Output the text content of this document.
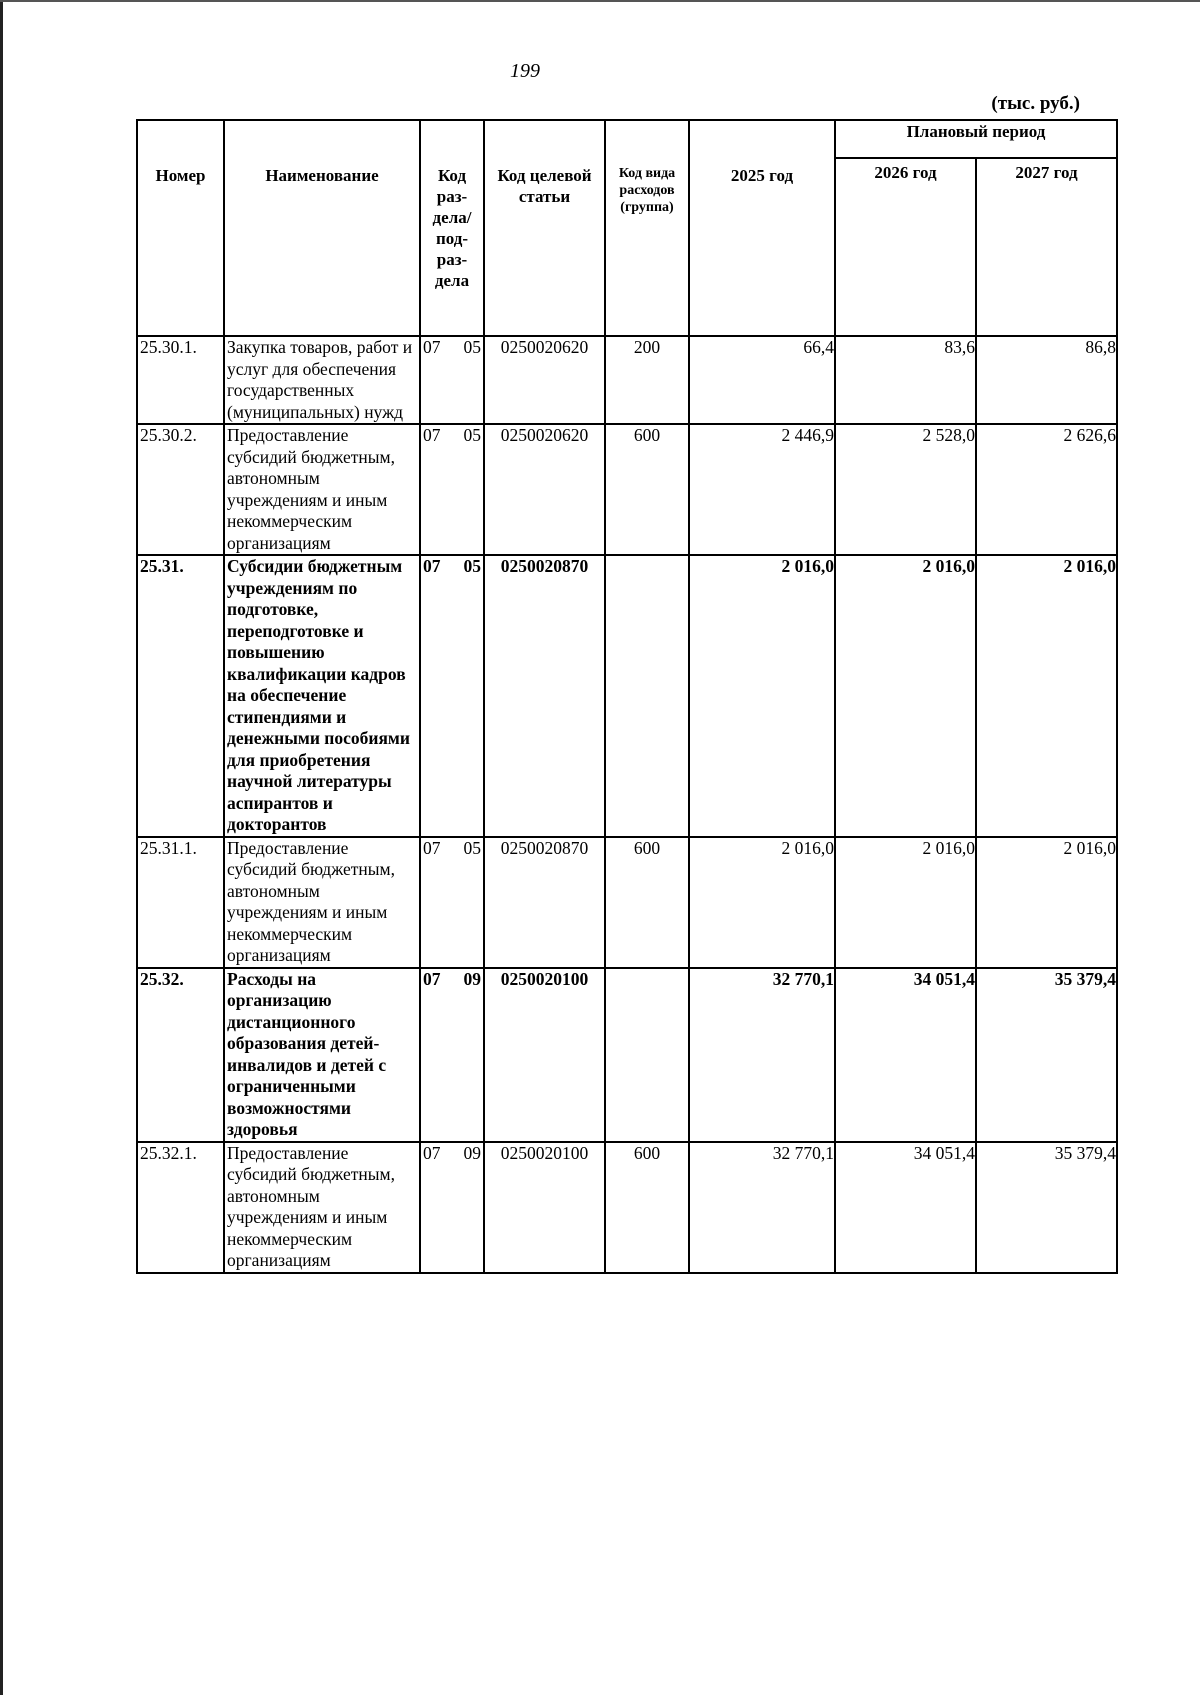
199
(тыс. руб.)
Номер	Наименование	Код раз-дела/ под-раз-дела	Код целевой статьи	Код вида расходов (группа)	2025 год	Плановый период	
						2026 год	2027 год
25.30.1.	Закупка товаров, работ и услуг для обеспечения государственных (муниципальных) нужд	07 05	0250020620	200	66,4	83,6	86,8
25.30.2.	Предоставление субсидий бюджетным, автономным учреждениям и иным некоммерческим организациям	07 05	0250020620	600	2 446,9	2 528,0	2 626,6
25.31.	Субсидии бюджетным учреждениям по подготовке, переподготовке и повышению квалификации кадров на обеспечение стипендиями и денежными пособиями для приобретения научной литературы аспирантов и докторантов	07 05	0250020870		2 016,0	2 016,0	2 016,0
25.31.1.	Предоставление субсидий бюджетным, автономным учреждениям и иным некоммерческим организациям	07 05	0250020870	600	2 016,0	2 016,0	2 016,0
25.32.	Расходы на организацию дистанционного образования детей-инвалидов и детей с ограниченными возможностями здоровья	07 09	0250020100		32 770,1	34 051,4	35 379,4
25.32.1.	Предоставление субсидий бюджетным, автономным учреждениям и иным некоммерческим организациям	07 09	0250020100	600	32 770,1	34 051,4	35 379,4
